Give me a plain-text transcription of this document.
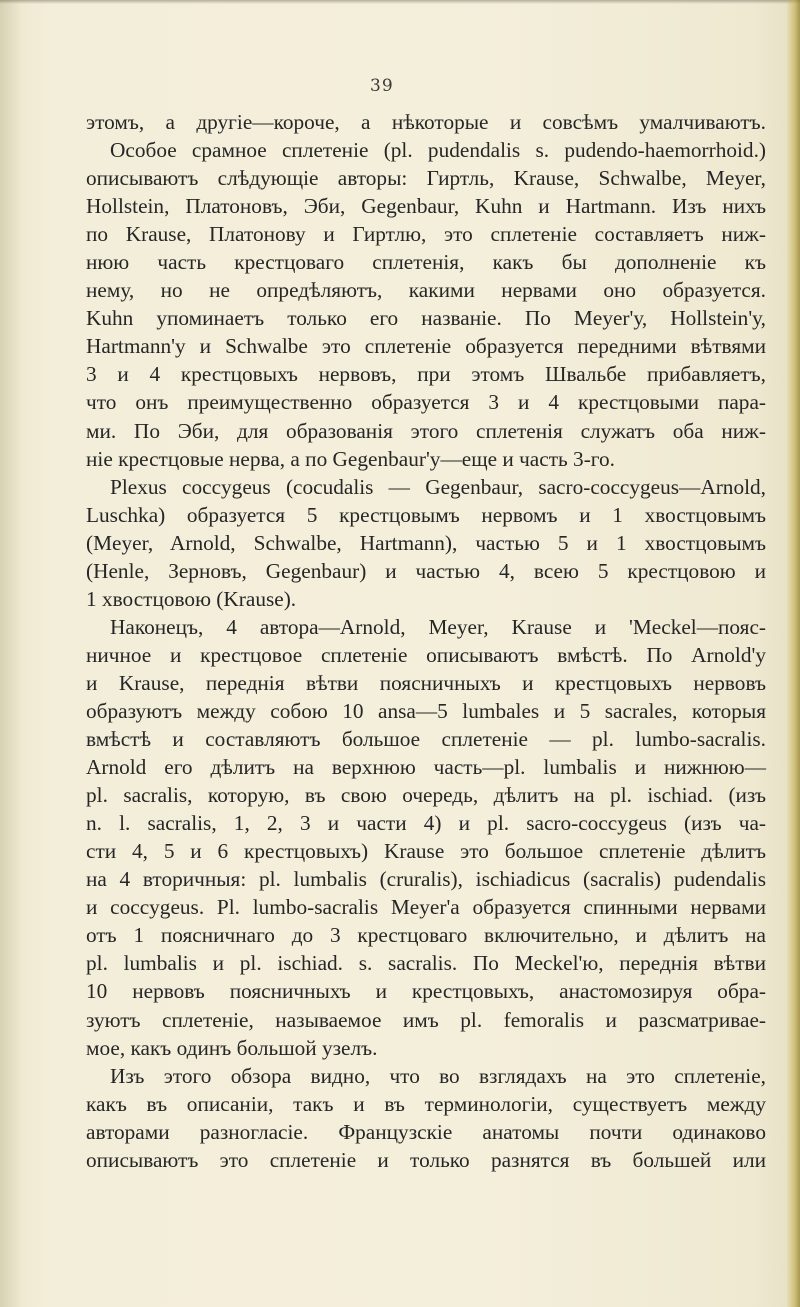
39
этомъ, а другіе—короче, а нѣкоторые и совсѣмъ умалчиваютъ.
Особое срамное сплетеніе (pl. pudendalis s. pudendo-haemorrhoid.)
описываютъ слѣдующіе авторы: Гиртль, Krause, Schwalbe, Meyer,
Hollstein, Платоновъ, Эби, Gegenbaur, Kuhn и Hartmann. Изъ нихъ
по Krause, Платонову и Гиртлю, это сплетеніе составляетъ ниж-
нюю часть крестцоваго сплетенія, какъ бы дополненіе къ
нему, но не опредѣляютъ, какими нервами оно образуется.
Kuhn упоминаетъ только его названіе. По Meyer'у, Hollstein'у,
Hartmann'у и Schwalbe это сплетеніе образуется передними вѣтвями
3 и 4 крестцовыхъ нервовъ, при этомъ Швальбе прибавляетъ,
что онъ преимущественно образуется 3 и 4 крестцовыми пара-
ми. По Эби, для образованія этого сплетенія служатъ оба ниж-
ніе крестцовые нерва, а по Gegenbaur'у—еще и часть 3-го.
Plexus coccygeus (cocudalis — Gegenbaur, sacro-coccygeus—Arnold,
Luschka) образуется 5 крестцовымъ нервомъ и 1 хвостцовымъ
(Meyer, Arnold, Schwalbe, Hartmann), частью 5 и 1 хвостцовымъ
(Henle, Зерновъ, Gegenbaur) и частью 4, всею 5 крестцовою и
1 хвостцовою (Krause).
Наконецъ, 4 автора—Arnold, Meyer, Krause и 'Meckel—пояс-
ничное и крестцовое сплетеніе описываютъ вмѣстѣ. По Arnold'у
и Krause, переднія вѣтви поясничныхъ и крестцовыхъ нервовъ
образуютъ между собою 10 ansa—5 lumbales и 5 sacrales, которыя
вмѣстѣ и составляютъ большое сплетеніе — pl. lumbo-sacralis.
Arnold его дѣлитъ на верхнюю часть—pl. lumbalis и нижнюю—
pl. sacralis, которую, въ свою очередь, дѣлитъ на pl. ischiad. (изъ
n. l. sacralis, 1, 2, 3 и части 4) и pl. sacro-coccygeus (изъ ча-
сти 4, 5 и 6 крестцовыхъ) Krause это большое сплетеніе дѣлитъ
на 4 вторичныя: pl. lumbalis (cruralis), ischiadicus (sacralis) pudendalis
и coccygeus. Pl. lumbo-sacralis Meyer'а образуется спинными нервами
отъ 1 поясничнаго до 3 крестцоваго включительно, и дѣлитъ на
pl. lumbalis и pl. ischiad. s. sacralis. По Meckel'ю, переднія вѣтви
10 нервовъ поясничныхъ и крестцовыхъ, анастомозируя обра-
зуютъ сплетеніе, называемое имъ pl. femoralis и разсматривае-
мое, какъ одинъ большой узелъ.
Изъ этого обзора видно, что во взглядахъ на это сплетеніе,
какъ въ описаніи, такъ и въ терминологіи, существуетъ между
авторами разногласіе. Французскіе анатомы почти одинаково
описываютъ это сплетеніе и только разнятся въ большей или
